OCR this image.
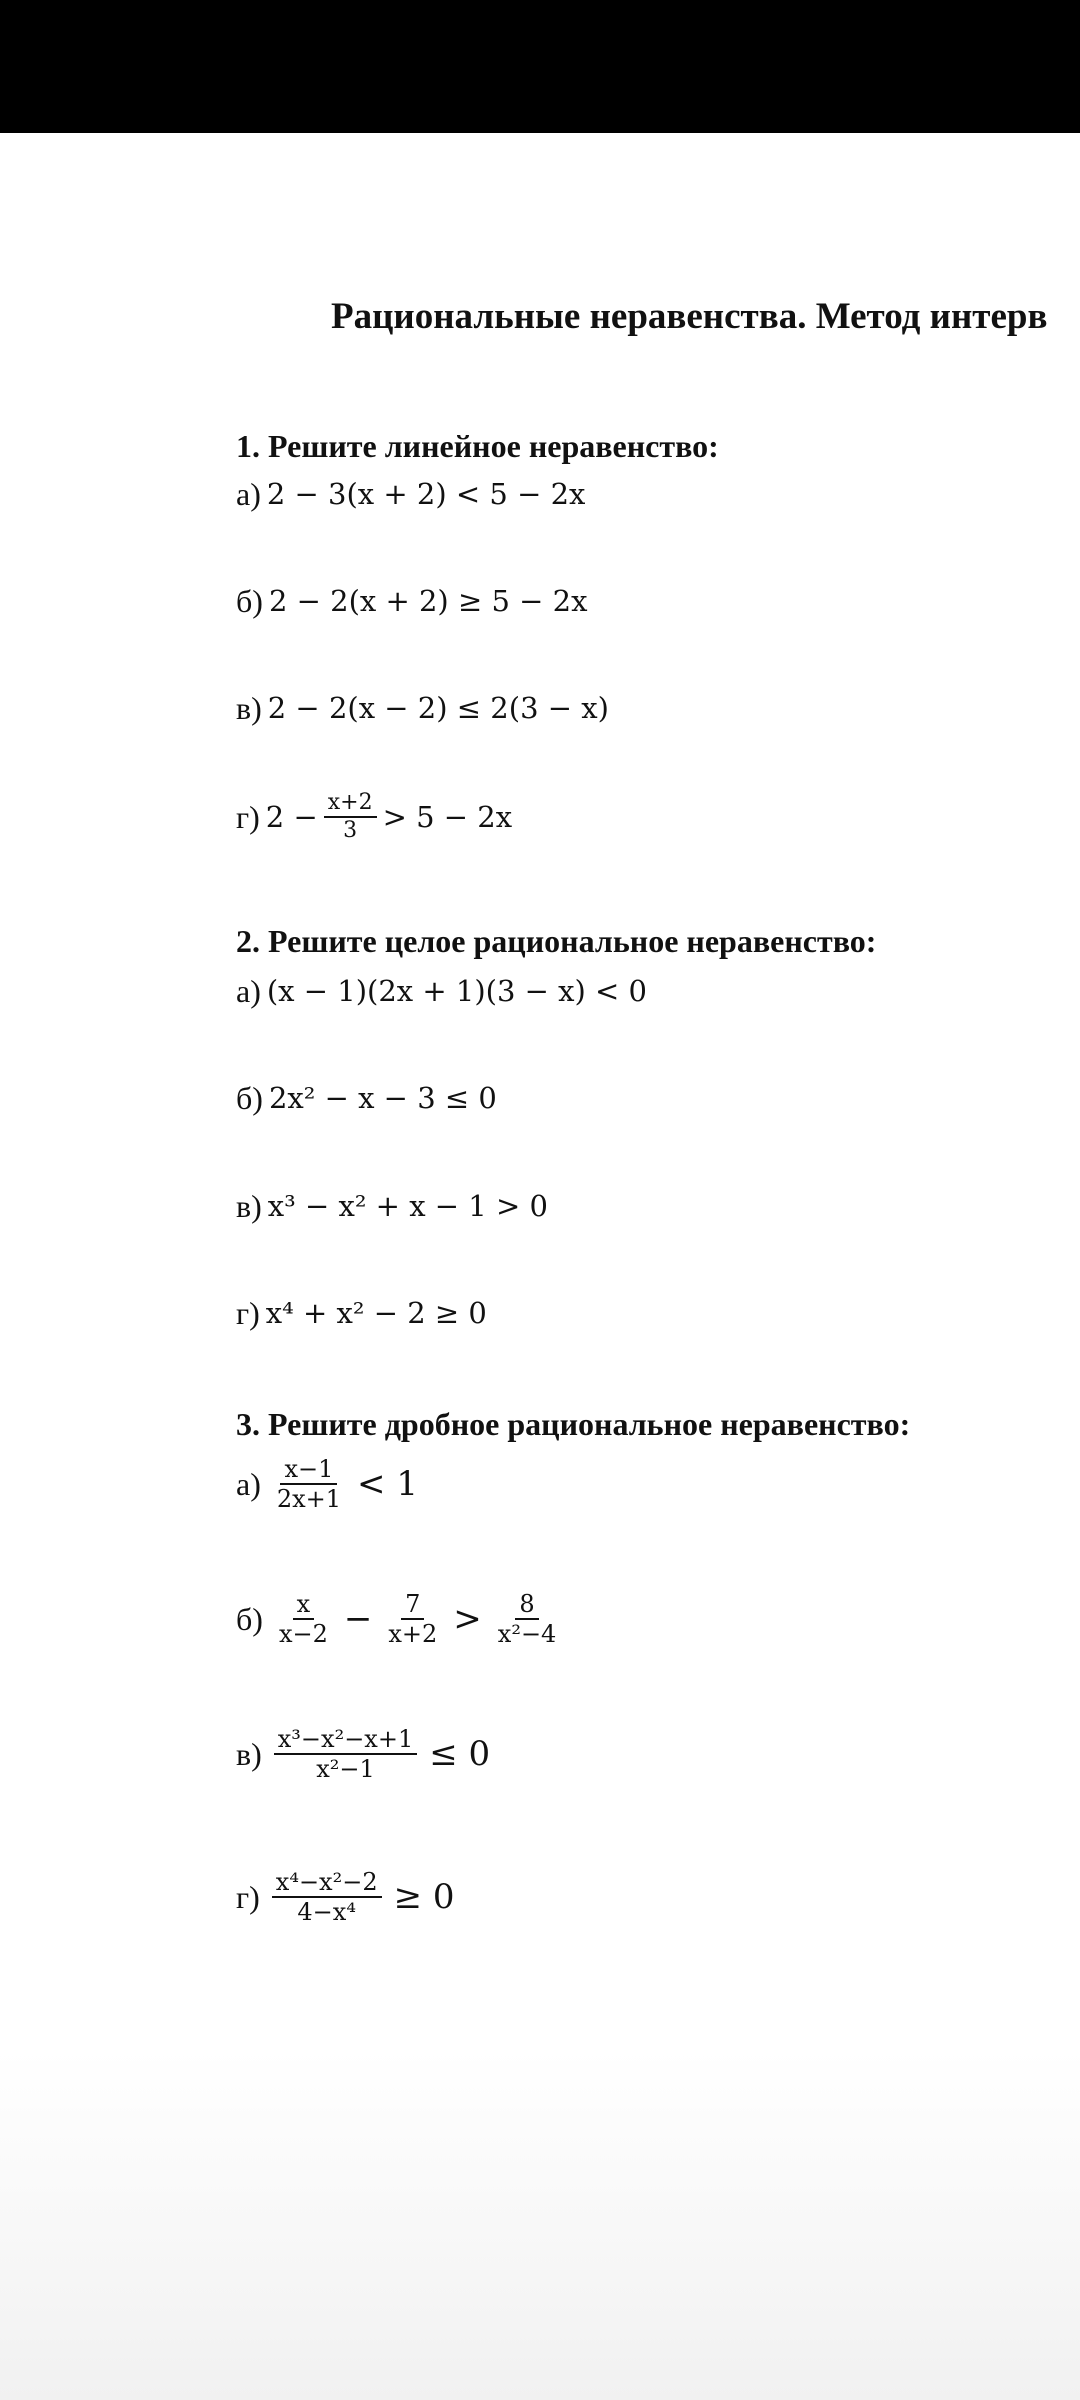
Рациональные неравенства. Метод интерв
1. Решите линейное неравенство:
а) 2 − 3(x + 2) < 5 − 2x
б) 2 − 2(x + 2) ≥ 5 − 2x
в) 2 − 2(x − 2) ≤ 2(3 − x)
г) $2 - \frac{x+2}{3} > 5 - 2x$
2. Решите целое рациональное неравенство:
а) (x − 1)(2x + 1)(3 − x) < 0
б) 2x² − x − 3 ≤ 0
в) x³ − x² + x − 1 > 0
г) x⁴ + x² − 2 ≥ 0
3. Решите дробное рациональное неравенство:
$а) \frac{x-1}{2x+1} < 1$
$б) \frac{x}{x-2} - \frac{7}{x+2} > \frac{8}{\text{x²−4}}$
$в) \frac{\text{x³−x²−x+1}}{\text{x²−1}} \le 0$
$г) \frac{\text{x⁴−x²−2}}{\text{4−x⁴}} \ge 0$
